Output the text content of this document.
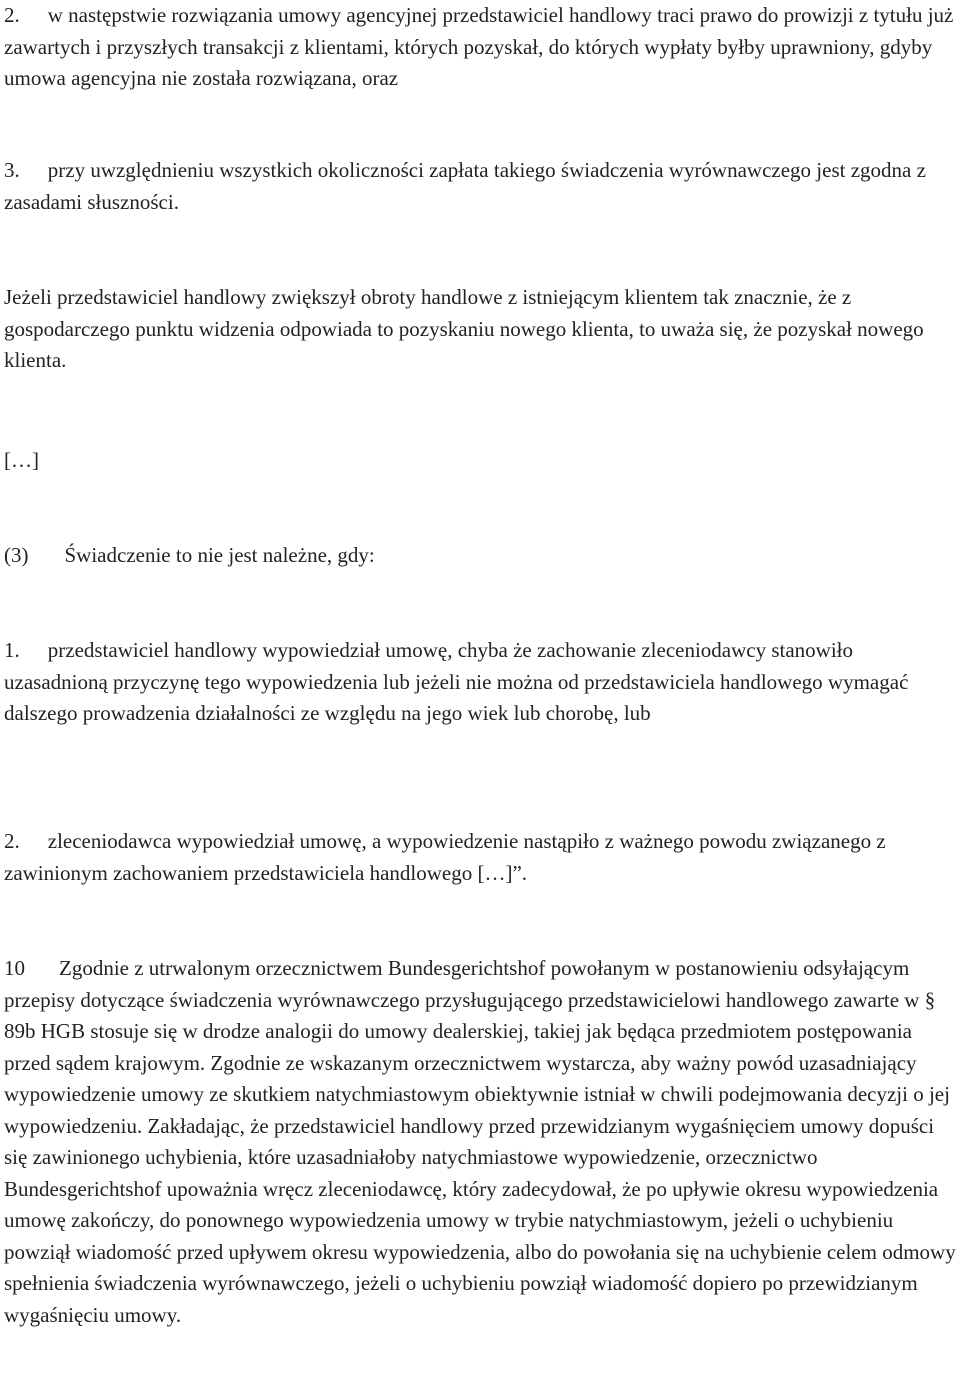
2. w następstwie rozwiązania umowy agencyjnej przedstawiciel handlowy traci prawo do prowizji z tytułu już zawartych i przyszłych transakcji z klientami, których pozyskał, do których wypłaty byłby uprawniony, gdyby umowa agencyjna nie została rozwiązana, oraz

3. przy uwzględnieniu wszystkich okoliczności zapłata takiego świadczenia wyrównawczego jest zgodna z zasadami słuszności.

Jeżeli przedstawiciel handlowy zwiększył obroty handlowe z istniejącym klientem tak znacznie, że z gospodarczego punktu widzenia odpowiada to pozyskaniu nowego klienta, to uważa się, że pozyskał nowego klienta.

[…]

(3) Świadczenie to nie jest należne, gdy:

1. przedstawiciel handlowy wypowiedział umowę, chyba że zachowanie zleceniodawcy stanowiło uzasadnioną przyczynę tego wypowiedzenia lub jeżeli nie można od przedstawiciela handlowego wymagać dalszego prowadzenia działalności ze względu na jego wiek lub chorobę, lub

2. zleceniodawca wypowiedział umowę, a wypowiedzenie nastąpiło z ważnego powodu związanego z zawinionym zachowaniem przedstawiciela handlowego […]”.

10 Zgodnie z utrwalonym orzecznictwem Bundesgerichtshof powołanym w postanowieniu odsyłającym przepisy dotyczące świadczenia wyrównawczego przysługującego przedstawicielowi handlowego zawarte w § 89b HGB stosuje się w drodze analogii do umowy dealerskiej, takiej jak będąca przedmiotem postępowania przed sądem krajowym. Zgodnie ze wskazanym orzecznictwem wystarcza, aby ważny powód uzasadniający wypowiedzenie umowy ze skutkiem natychmiastowym obiektywnie istniał w chwili podejmowania decyzji o jej wypowiedzeniu. Zakładając, że przedstawiciel handlowy przed przewidzianym wygaśnięciem umowy dopuści się zawinionego uchybienia, które uzasadniałoby natychmiastowe wypowiedzenie, orzecznictwo Bundesgerichtshof upoważnia wręcz zleceniodawcę, który zadecydował, że po upływie okresu wypowiedzenia umowę zakończy, do ponownego wypowiedzenia umowy w trybie natychmiastowym, jeżeli o uchybieniu powziął wiadomość przed upływem okresu wypowiedzenia, albo do powołania się na uchybienie celem odmowy spełnienia świadczenia wyrównawczego, jeżeli o uchybieniu powziął wiadomość dopiero po przewidzianym wygaśnięciu umowy.
